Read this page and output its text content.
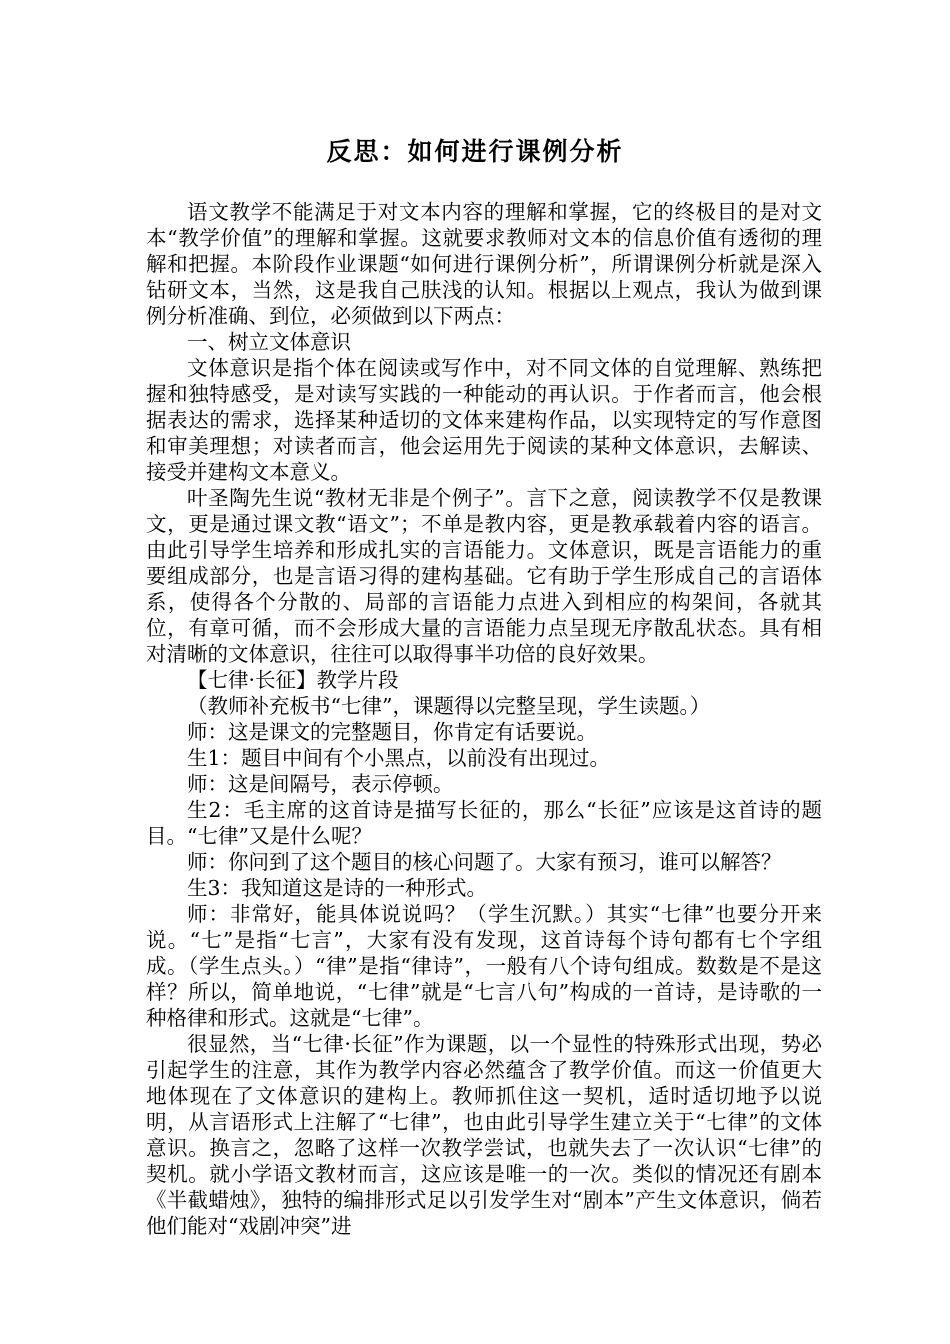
反思：如何进行课例分析

语文教学不能满足于对文本内容的理解和掌握，它的终极目的是对文本“教学价值”的理解和掌握。这就要求教师对文本的信息价值有透彻的理解和把握。本阶段作业课题“如何进行课例分析”，所谓课例分析就是深入钻研文本，当然，这是我自己肤浅的认知。根据以上观点，我认为做到课例分析准确、到位，必须做到以下两点：

一、树立文体意识

文体意识是指个体在阅读或写作中，对不同文体的自觉理解、熟练把握和独特感受，是对读写实践的一种能动的再认识。于作者而言，他会根据表达的需求，选择某种适切的文体来建构作品，以实现特定的写作意图和审美理想；对读者而言，他会运用先于阅读的某种文体意识，去解读、接受并建构文本意义。

叶圣陶先生说“教材无非是个例子”。言下之意，阅读教学不仅是教课文，更是通过课文教“语文”；不单是教内容，更是教承载着内容的语言。由此引导学生培养和形成扎实的言语能力。文体意识，既是言语能力的重要组成部分，也是言语习得的建构基础。它有助于学生形成自己的言语体系，使得各个分散的、局部的言语能力点进入到相应的构架间，各就其位，有章可循，而不会形成大量的言语能力点呈现无序散乱状态。具有相对清晰的文体意识，往往可以取得事半功倍的良好效果。

【七律·长征】教学片段

（教师补充板书“七律”，课题得以完整呈现，学生读题。）

师：这是课文的完整题目，你肯定有话要说。

生1：题目中间有个小黑点，以前没有出现过。

师：这是间隔号，表示停顿。

生2：毛主席的这首诗是描写长征的，那么“长征”应该是这首诗的题目。“七律”又是什么呢？

师：你问到了这个题目的核心问题了。大家有预习，谁可以解答？

生3：我知道这是诗的一种形式。

师：非常好，能具体说说吗？（学生沉默。）其实“七律”也要分开来说。“七”是指“七言”，大家有没有发现，这首诗每个诗句都有七个字组成。（学生点头。）“律”是指“律诗”，一般有八个诗句组成。数数是不是这样？所以，简单地说，“七律”就是“七言八句”构成的一首诗，是诗歌的一种格律和形式。这就是“七律”。

很显然，当“七律·长征”作为课题，以一个显性的特殊形式出现，势必引起学生的注意，其作为教学内容必然蕴含了教学价值。而这一价值更大地体现在了文体意识的建构上。教师抓住这一契机，适时适切地予以说明，从言语形式上注解了“七律”，也由此引导学生建立关于“七律”的文体意识。换言之，忽略了这样一次教学尝试，也就失去了一次认识“七律”的契机。就小学语文教材而言，这应该是唯一的一次。类似的情况还有剧本《半截蜡烛》，独特的编排形式足以引发学生对“剧本”产生文体意识，倘若他们能对“戏剧冲突”进
